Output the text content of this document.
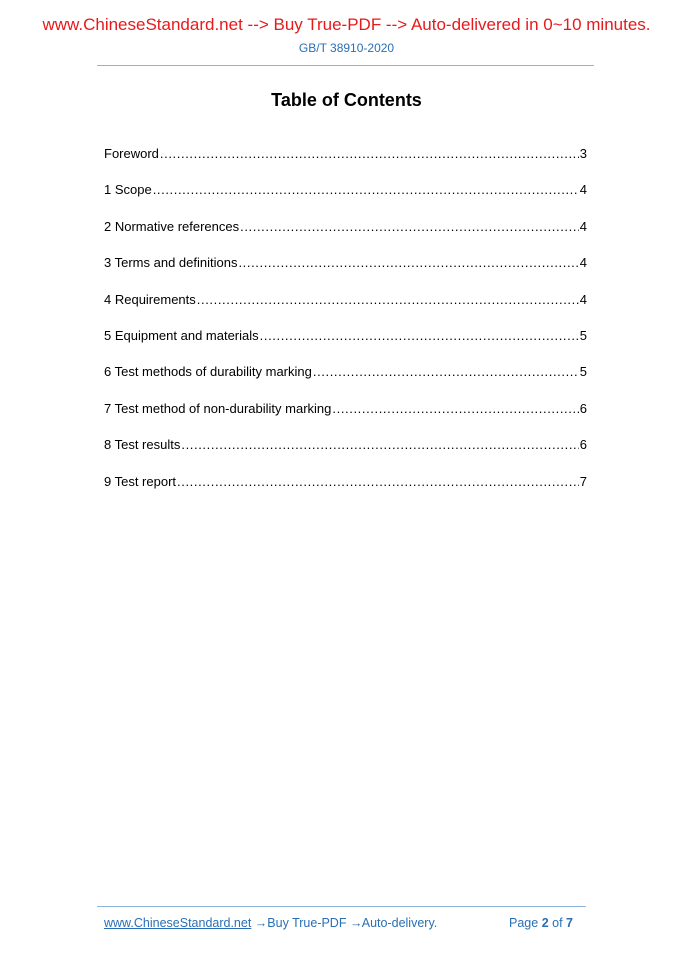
www.ChineseStandard.net --> Buy True-PDF --> Auto-delivered in 0~10 minutes.
GB/T 38910-2020
Table of Contents
Foreword .....	3
1 Scope .....	4
2 Normative references .....	4
3 Terms and definitions .....	4
4 Requirements .....	4
5 Equipment and materials .....	5
6 Test methods of durability marking .....	5
7 Test method of non-durability marking .....	6
8 Test results .....	6
9 Test report .....	7
www.ChineseStandard.net → Buy True-PDF → Auto-delivery.	Page 2 of 7
